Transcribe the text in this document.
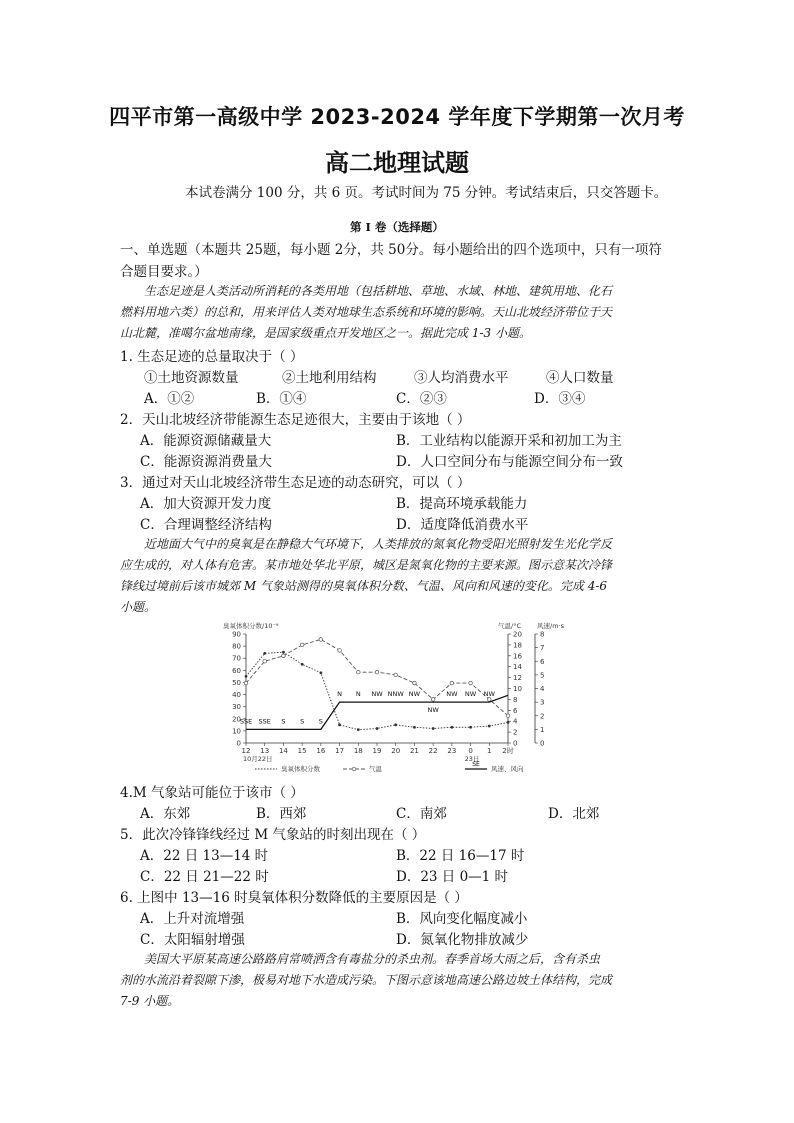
四平市第一高级中学 2023-2024 学年度下学期第一次月考
高二地理试题
本试卷满分 100 分，共 6 页。考试时间为 75 分钟。考试结束后，只交答题卡。
第 I 卷（选择题）
一、单选题（本题共 25题，每小题 2分，共 50分。每小题给出的四个选项中，只有一项符
合题目要求。）
生态足迹是人类活动所消耗的各类用地（包括耕地、草地、水域、林地、建筑用地、化石
燃料用地六类）的总和，用来评估人类对地球生态系统和环境的影响。天山北坡经济带位于天
山北麓，准噶尔盆地南缘，是国家级重点开发地区之一。据此完成 1-3 小题。
1. 生态足迹的总量取决于（ ）
①土地资源数量	②土地利用结构	③人均消费水平	④人口数量
A．①②	B．①④	C．②③	D．③④
2．天山北坡经济带能源生态足迹很大，主要由于该地（ ）
A．能源资源储藏量大	B．工业结构以能源开采和初加工为主
C．能源资源消费量大	D．人口空间分布与能源空间分布一致
3．通过对天山北坡经济带生态足迹的动态研究，可以（ ）
A．加大资源开发力度	B．提高环境承载能力
C．合理调整经济结构	D．适度降低消费水平
近地面大气中的臭氧是在静稳大气环境下，人类排放的氮氧化物受阳光照射发生光化学反
应生成的，对人体有危害。某市地处华北平原，城区是氮氧化物的主要来源。图示意某次冷锋
锋线过境前后该市城郊 M 气象站测得的臭氧体积分数、气温、风向和风速的变化。完成 4-6
小题。
臭氧体积分数/10⁻⁹	气温/°C 风速/m·s
0
10
20
30
40
50
60
70
80
90
0
2
4
6
8
10
12
14
16
18
20
0
1
2
3
4
5
6
7
8
12 13 14 15 16 17 18 19 20 21 22 23 0 1 2时
10月22日	23日
SSE SSE S S S
N N NW NNW NW
NW
NW NW NW
臭氧体积分数	气温
SE
风速、风向
4.M 气象站可能位于该市（ ）
A．东郊	B．西郊	C．南郊	D．北郊
5．此次冷锋锋线经过 M 气象站的时刻出现在（ ）
A．22 日 13—14 时	B．22 日 16—17 时
C．22 日 21—22 时	D．23 日 0—1 时
6. 上图中 13—16 时臭氧体积分数降低的主要原因是（ ）
A．上升对流增强	B．风向变化幅度减小
C．太阳辐射增强	D．氮氧化物排放减少
美国大平原某高速公路路肩常喷洒含有毒盐分的杀虫剂。春季首场大雨之后，含有杀虫
剂的水流沿着裂隙下渗，极易对地下水造成污染。下图示意该地高速公路边坡土体结构，完成
7-9 小题。
